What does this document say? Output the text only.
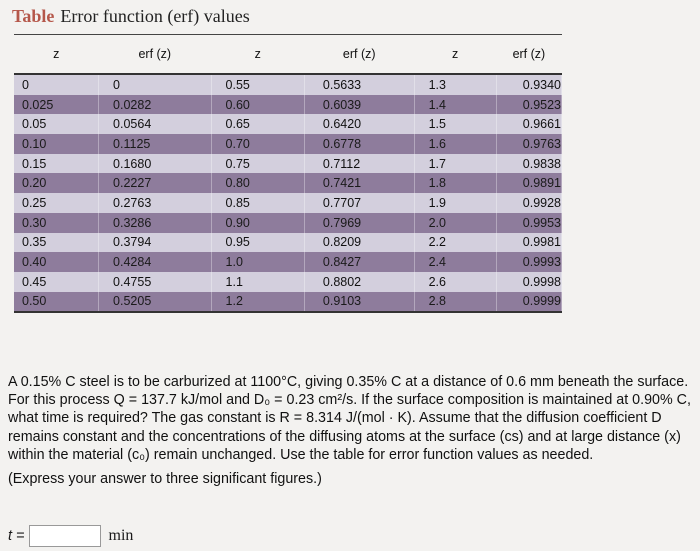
Table Error function (erf) values
z	erf (z)	z	erf (z)	z	erf (z)
0	0	0.55	0.5633	1.3	0.9340
0.025	0.0282	0.60	0.6039	1.4	0.9523
0.05	0.0564	0.65	0.6420	1.5	0.9661
0.10	0.1125	0.70	0.6778	1.6	0.9763
0.15	0.1680	0.75	0.7112	1.7	0.9838
0.20	0.2227	0.80	0.7421	1.8	0.9891
0.25	0.2763	0.85	0.7707	1.9	0.9928
0.30	0.3286	0.90	0.7969	2.0	0.9953
0.35	0.3794	0.95	0.8209	2.2	0.9981
0.40	0.4284	1.0	0.8427	2.4	0.9993
0.45	0.4755	1.1	0.8802	2.6	0.9998
0.50	0.5205	1.2	0.9103	2.8	0.9999

A 0.15% C steel is to be carburized at 1100°C, giving 0.35% C at a distance of 0.6 mm beneath the surface. For this process Q = 137.7 kJ/mol and D₀ = 0.23 cm²/s. If the surface composition is maintained at 0.90% C, what time is required? The gas constant is R = 8.314 J/(mol · K). Assume that the diffusion coefficient D remains constant and the concentrations of the diffusing atoms at the surface (cs) and at large distance (x) within the material (c₀) remain unchanged. Use the table for error function values as needed.

(Express your answer to three significant figures.)

t =	min
